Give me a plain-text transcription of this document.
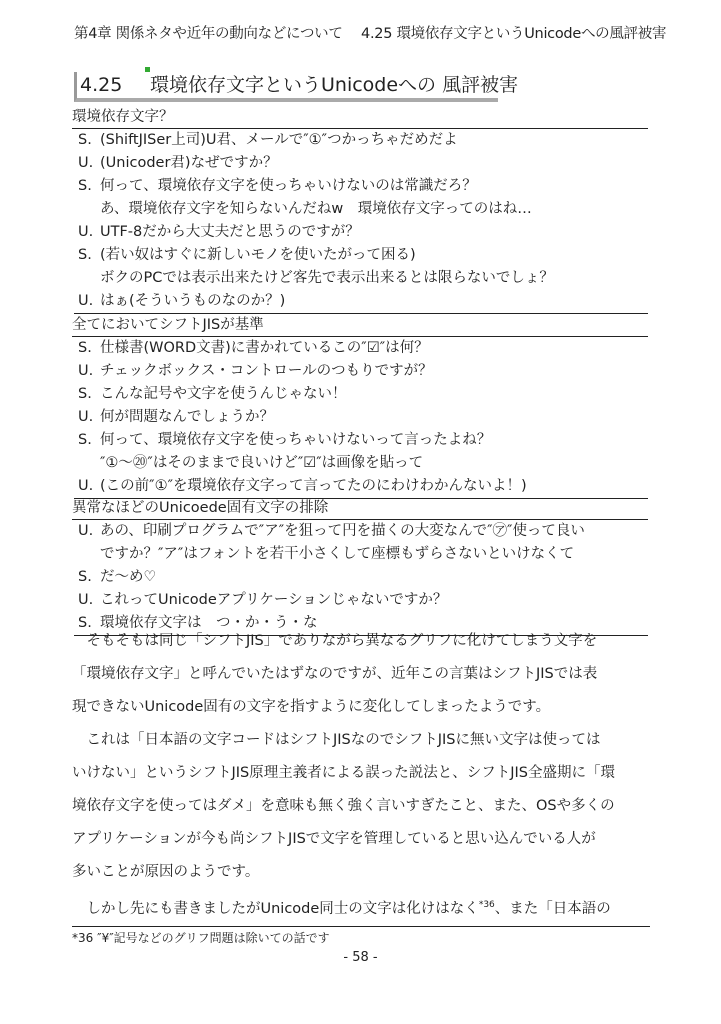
第4章 関係ネタや近年の動向などについて　 4.25 環境依存文字というUnicodeへの風評被害
4.25 環境依存文字というUnicodeへの 風評被害
環境依存文字？
S. (ShiftJISer上司)U君、メールで″①″つかっちゃだめだよ
U. (Unicoder君)なぜですか？
S. 何って、環境依存文字を使っちゃいけないのは常識だろ？
あ、環境依存文字を知らないんだねw　環境依存文字ってのはね…
U. UTF-8だから大丈夫だと思うのですが？
S. (若い奴はすぐに新しいモノを使いたがって困る)
ボクのPCでは表示出来たけど客先で表示出来るとは限らないでしょ？
U. はぁ(そういうものなのか？)
全てにおいてシフトJISが基準
S. 仕様書(WORD文書)に書かれているこの″☑″は何？
U. チェックボックス・コントロールのつもりですが？
S. こんな記号や文字を使うんじゃない！
U. 何が問題なんでしょうか？
S. 何って、環境依存文字を使っちゃいけないって言ったよね？
″①～⑳″はそのままで良いけど″☑″は画像を貼って
U. (この前″①″を環境依存文字って言ってたのにわけわかんないよ！)
異常なほどのUnicoede固有文字の排除
U. あの、印刷プログラムで″ア″を狙って円を描くの大変なんで″㋐″使って良い
ですか？″ア″はフォントを若干小さくして座標もずらさないといけなくて
S. だ～め♡
U. これってUnicodeアプリケーションじゃないですか？
S. 環境依存文字は　つ・か・う・な
　そもそもは同じ「シフトJIS」でありながら異なるグリフに化けてしまう文字を
「環境依存文字」と呼んでいたはずなのですが、近年この言葉はシフトJISでは表
現できないUnicode固有の文字を指すように変化してしまったようです。
　これは「日本語の文字コードはシフトJISなのでシフトJISに無い文字は使っては
いけない」というシフトJIS原理主義者による誤った説法と、シフトJIS全盛期に「環
境依存文字を使ってはダメ」を意味も無く強く言いすぎたこと、また、OSや多くの
アプリケーションが今も尚シフトJISで文字を管理していると思い込んでいる人が
多いことが原因のようです。
　しかし先にも書きましたがUnicode同士の文字は化けはなく$^{*36}$、また「日本語の
*36 ″¥″記号などのグリフ問題は除いての話です
- 58 -
